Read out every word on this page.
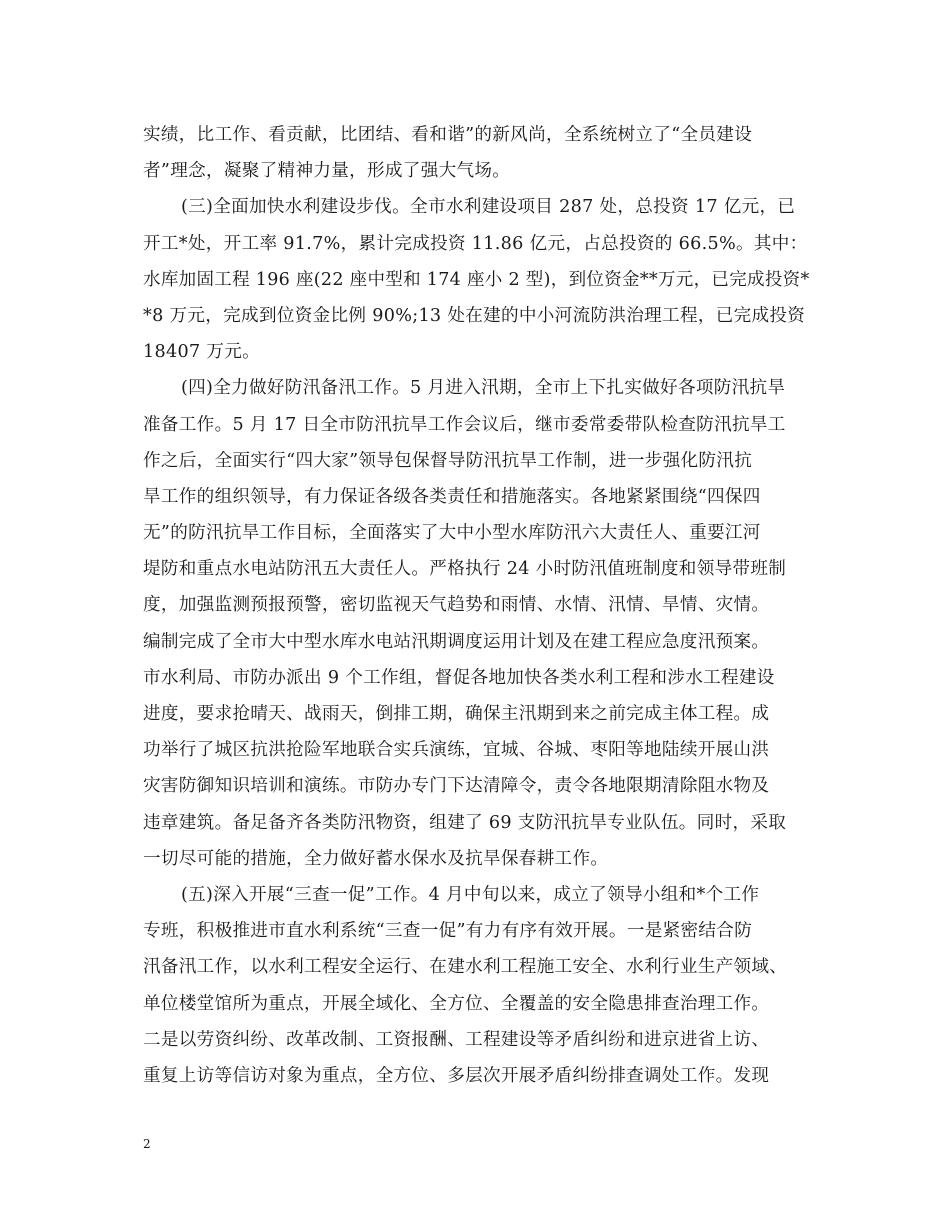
实绩，比工作、看贡献，比团结、看和谐”的新风尚，全系统树立了“全员建设
者”理念，凝聚了精神力量，形成了强大气场。
(三)全面加快水利建设步伐。全市水利建设项目 287 处，总投资 17 亿元，已
开工*处，开工率 91.7%，累计完成投资 11.86 亿元，占总投资的 66.5%。其中：
水库加固工程 196 座(22 座中型和 174 座小 2 型)，到位资金**万元，已完成投资*
*8 万元，完成到位资金比例 90%;13 处在建的中小河流防洪治理工程，已完成投资
18407 万元。
(四)全力做好防汛备汛工作。5 月进入汛期，全市上下扎实做好各项防汛抗旱
准备工作。5 月 17 日全市防汛抗旱工作会议后，继市委常委带队检查防汛抗旱工
作之后，全面实行“四大家”领导包保督导防汛抗旱工作制，进一步强化防汛抗
旱工作的组织领导，有力保证各级各类责任和措施落实。各地紧紧围绕“四保四
无”的防汛抗旱工作目标，全面落实了大中小型水库防汛六大责任人、重要江河
堤防和重点水电站防汛五大责任人。严格执行 24 小时防汛值班制度和领导带班制
度，加强监测预报预警，密切监视天气趋势和雨情、水情、汛情、旱情、灾情。
编制完成了全市大中型水库水电站汛期调度运用计划及在建工程应急度汛预案。
市水利局、市防办派出 9 个工作组，督促各地加快各类水利工程和涉水工程建设
进度，要求抢晴天、战雨天，倒排工期，确保主汛期到来之前完成主体工程。成
功举行了城区抗洪抢险军地联合实兵演练，宜城、谷城、枣阳等地陆续开展山洪
灾害防御知识培训和演练。市防办专门下达清障令，责令各地限期清除阻水物及
违章建筑。备足备齐各类防汛物资，组建了 69 支防汛抗旱专业队伍。同时，采取
一切尽可能的措施，全力做好蓄水保水及抗旱保春耕工作。
(五)深入开展“三查一促”工作。4 月中旬以来，成立了领导小组和*个工作
专班，积极推进市直水利系统“三查一促”有力有序有效开展。一是紧密结合防
汛备汛工作，以水利工程安全运行、在建水利工程施工安全、水利行业生产领域、
单位楼堂馆所为重点，开展全域化、全方位、全覆盖的安全隐患排查治理工作。
二是以劳资纠纷、改革改制、工资报酬、工程建设等矛盾纠纷和进京进省上访、
重复上访等信访对象为重点，全方位、多层次开展矛盾纠纷排查调处工作。发现
2
